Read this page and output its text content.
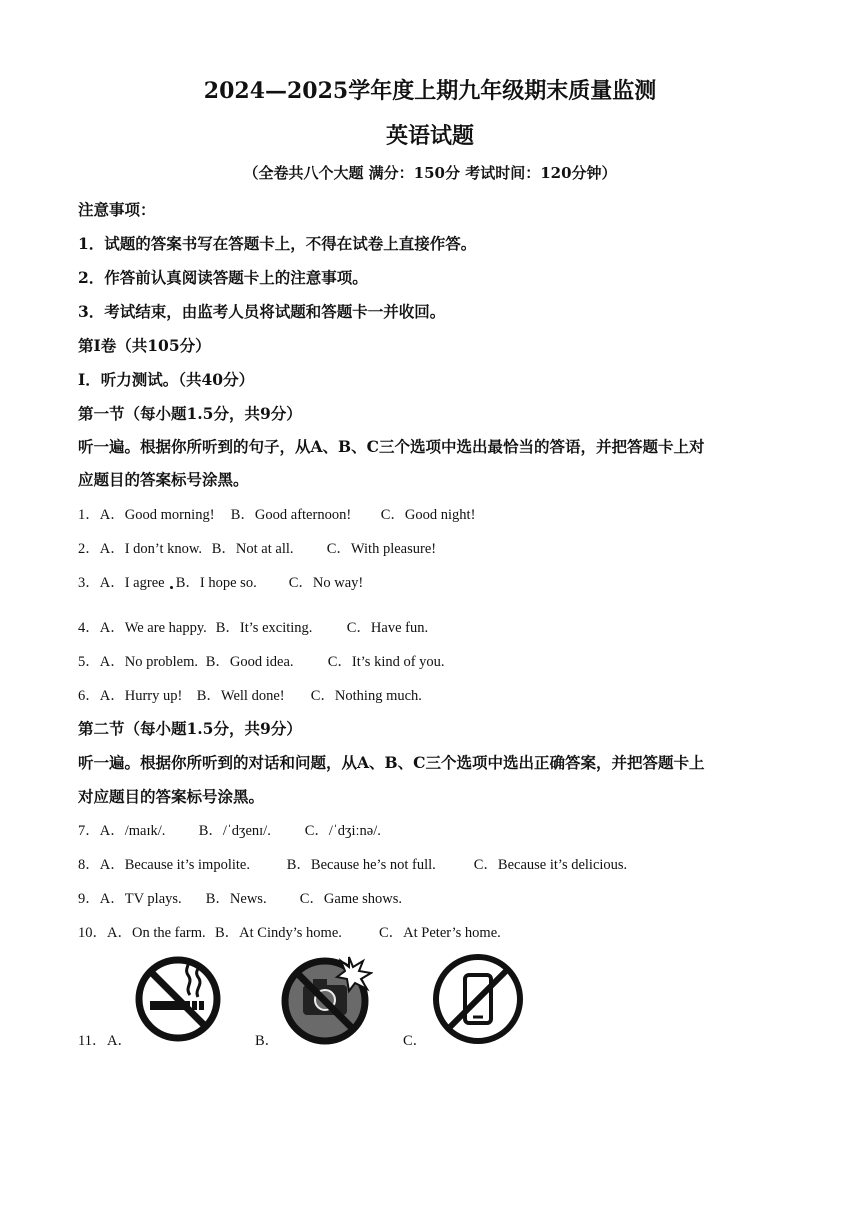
2024—2025学年度上期九年级期末质量监测
英语试题
（全卷共八个大题 满分：150分 考试时间：120分钟）
注意事项：
1．试题的答案书写在答题卡上，不得在试卷上直接作答。
2．作答前认真阅读答题卡上的注意事项。
3．考试结束，由监考人员将试题和答题卡一并收回。
第Ⅰ卷（共105分）
Ⅰ．听力测试。（共40分）
第一节（每小题1.5分，共9分）
听一遍。根据你所听到的句子，从A、B、C三个选项中选出最恰当的答语，并把答题卡上对
应题目的答案标号涂黑。
1．A．Good morning! B．Good afternoon! C．Good night!
2．A．I don’t know. B．Not at all. C．With pleasure!
3．A．I agree B．I hope so. C．No way!
4．A．We are happy. B．It’s exciting. C．Have fun.
5．A．No problem. B．Good idea. C．It’s kind of you.
6．A．Hurry up! B．Well done! C．Nothing much.
第二节（每小题1.5分，共9分）
听一遍。根据你所听到的对话和问题，从A、B、C三个选项中选出正确答案，并把答题卡上
对应题目的答案标号涂黑。
7．A．/maɪk/. B．/ˈdʒenɪ/. C．/ˈdʒiːnə/.
8．A．Because it’s impolite.	B．Because he’s not full.	C．Because it’s delicious.
9．A．TV plays. B．News. C．Game shows.
10．A．On the farm. B．At Cindy’s home.	C．At Peter’s home.
11． A．	B．	C．
